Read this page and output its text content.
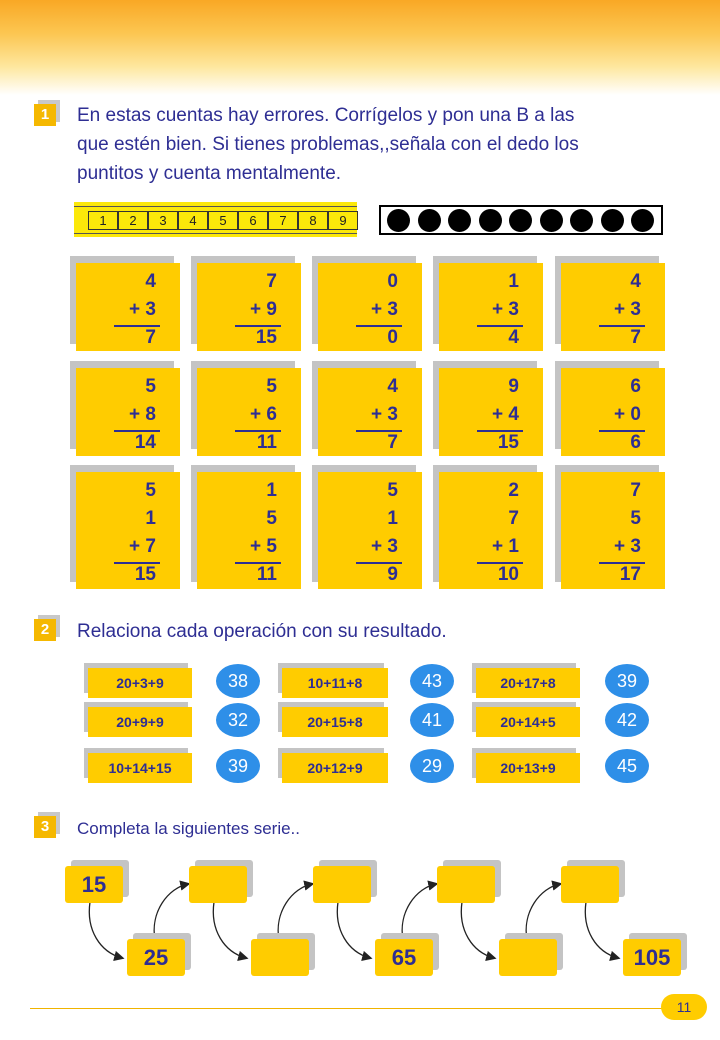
1	En estas cuentas hay errores. Corrígelos y pon una B a las
que estén bien. Si tienes problemas,,señala con el dedo los
puntitos y cuenta mentalmente.
1	2	3	4	5	6	7	8	9
4
+ 3
7
7
+ 9
15
0
+ 3
0
1
+ 3
4
4
+ 3
7
5
+ 8
14
5
+ 6
11
4
+ 3
7
9
+ 4
15
6
+ 0
6
5
1
+ 7
15
1
5
+ 5
11
5
1
+ 3
9
2
7
+ 1
10
7
5
+ 3
17
2	Relaciona cada operación con su resultado.
20+3+9
20+9+9
10+14+15
38
32
39
10+11+8
20+15+8
20+12+9
43
41
29
20+17+8
20+14+5
20+13+9
39
42
45
3	Completa la siguientes serie..
15
25	65	105
11
